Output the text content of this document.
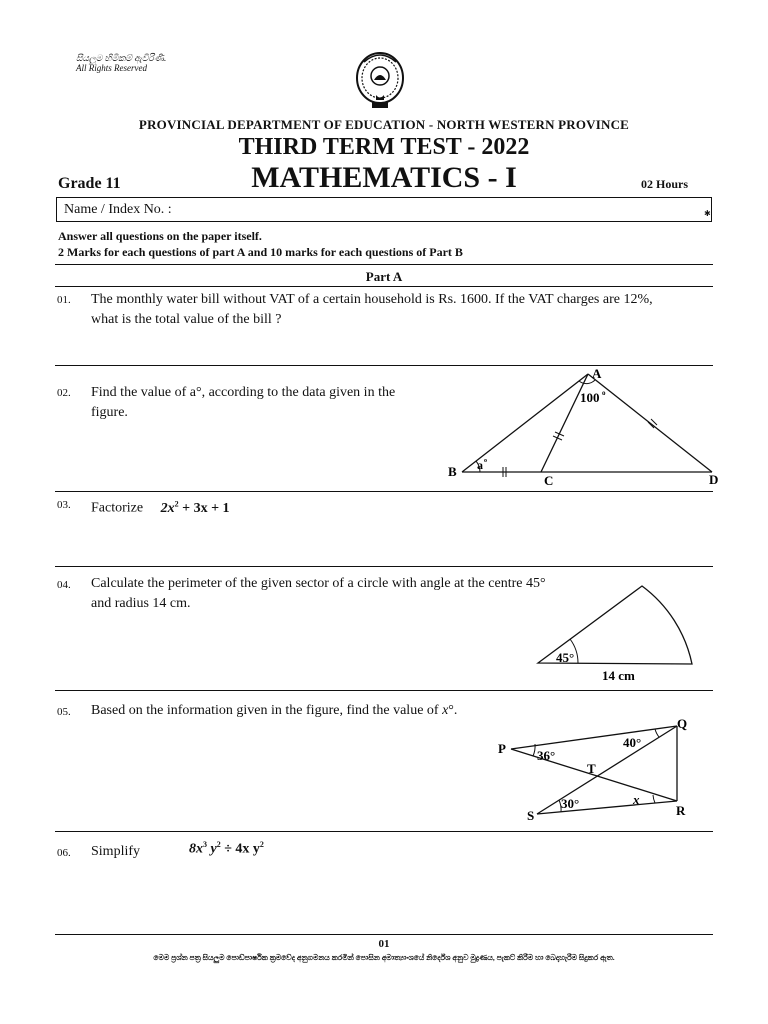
සියලුම හිමිකම් ඇවිරිණි.
All Rights Reserved
PROVINCIAL DEPARTMENT OF EDUCATION - NORTH WESTERN PROVINCE
THIRD TERM TEST - 2022
Grade 11	MATHEMATICS - I	02 Hours
Name / Index No. :	✱
Answer all questions on the paper itself.
2 Marks for each questions of part A and 10 marks for each questions of Part B
Part A
01. The monthly water bill without VAT of a certain household is Rs. 1600. If the VAT charges are 12%,
what is the total value of the bill ?
02. Find the value of a°, according to the data given in the
figure.
A
B
C	D
100 o
a o
03. Factorize $2x^2 + 3x + 1$
04. Calculate the perimeter of the given sector of a circle with angle at the centre 45°
and radius 14 cm.
45°
14 cm
05. Based on the information given in the figure, find the value of x°.
P
Q
R
S
T
36°
40°
30°	x
06. Simplify	$8x^3$ $y^2 \div 4x$ $y^2$
01
මෙම ප්‍රශ්න පත්‍ර සියලුම පොඩ්පාර්ෂික ක්‍රමවේද අනුගමනය කරමින් පොසින අමාත්‍යාංශයේ නිර්දේශ අනුව මුද්‍රණය, පැකට් කිරීම හා බෙදාහැරීම සිදුකර ඇත.
